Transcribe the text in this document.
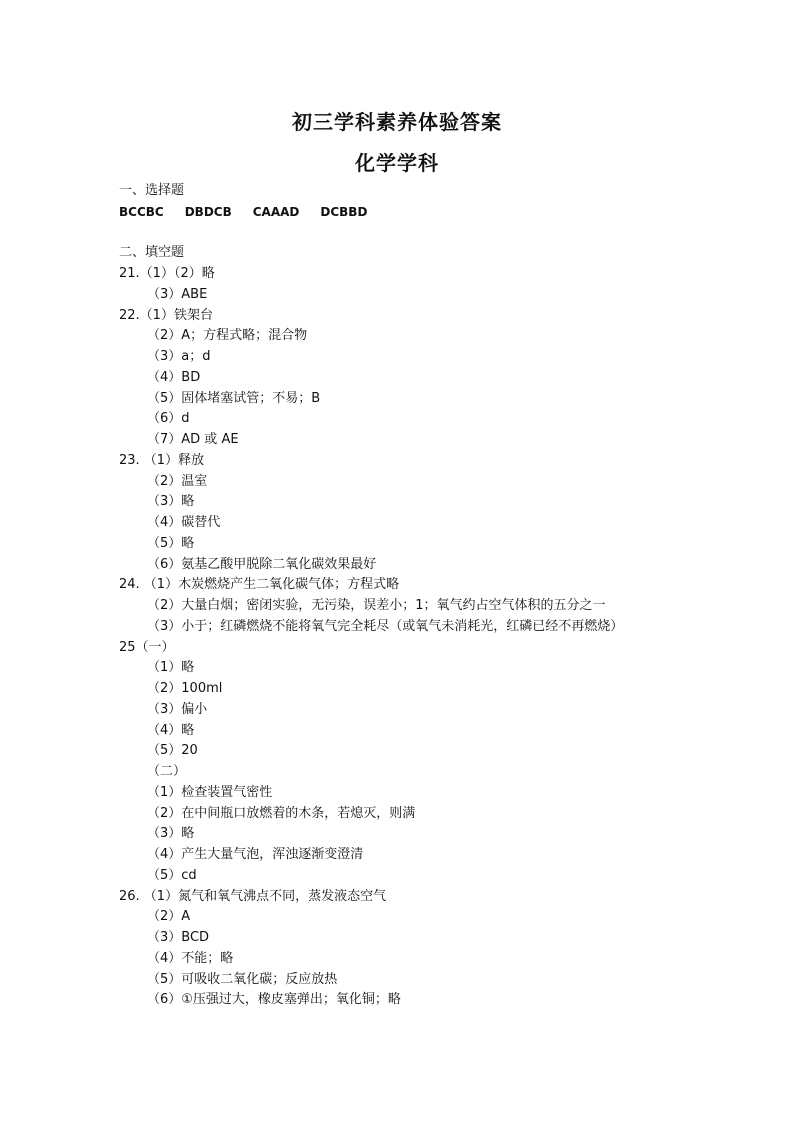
初三学科素养体验答案
化学学科
一、选择题
BCCBC DBDCB CAAAD DCBBD
二、填空题
21.（1）（2）略
（3）ABE
22.（1）铁架台
（2）A；方程式略；混合物
（3）a；d
（4）BD
（5）固体堵塞试管；不易；B
（6）d
（7）AD 或 AE
23. （1）释放
（2）温室
（3）略
（4）碳替代
（5）略
（6）氨基乙酸甲脱除二氧化碳效果最好
24. （1）木炭燃烧产生二氧化碳气体；方程式略
（2）大量白烟；密闭实验，无污染，误差小；1；氧气约占空气体积的五分之一
（3）小于；红磷燃烧不能将氧气完全耗尽（或氧气未消耗光，红磷已经不再燃烧）
25（一）
（1）略
（2）100ml
（3）偏小
（4）略
（5）20
（二）
（1）检查装置气密性
（2）在中间瓶口放燃着的木条，若熄灭，则满
（3）略
（4）产生大量气泡，浑浊逐渐变澄清
（5）cd
26. （1）氮气和氧气沸点不同，蒸发液态空气
（2）A
（3）BCD
（4）不能；略
（5）可吸收二氧化碳；反应放热
（6）①压强过大，橡皮塞弹出；氧化铜；略
